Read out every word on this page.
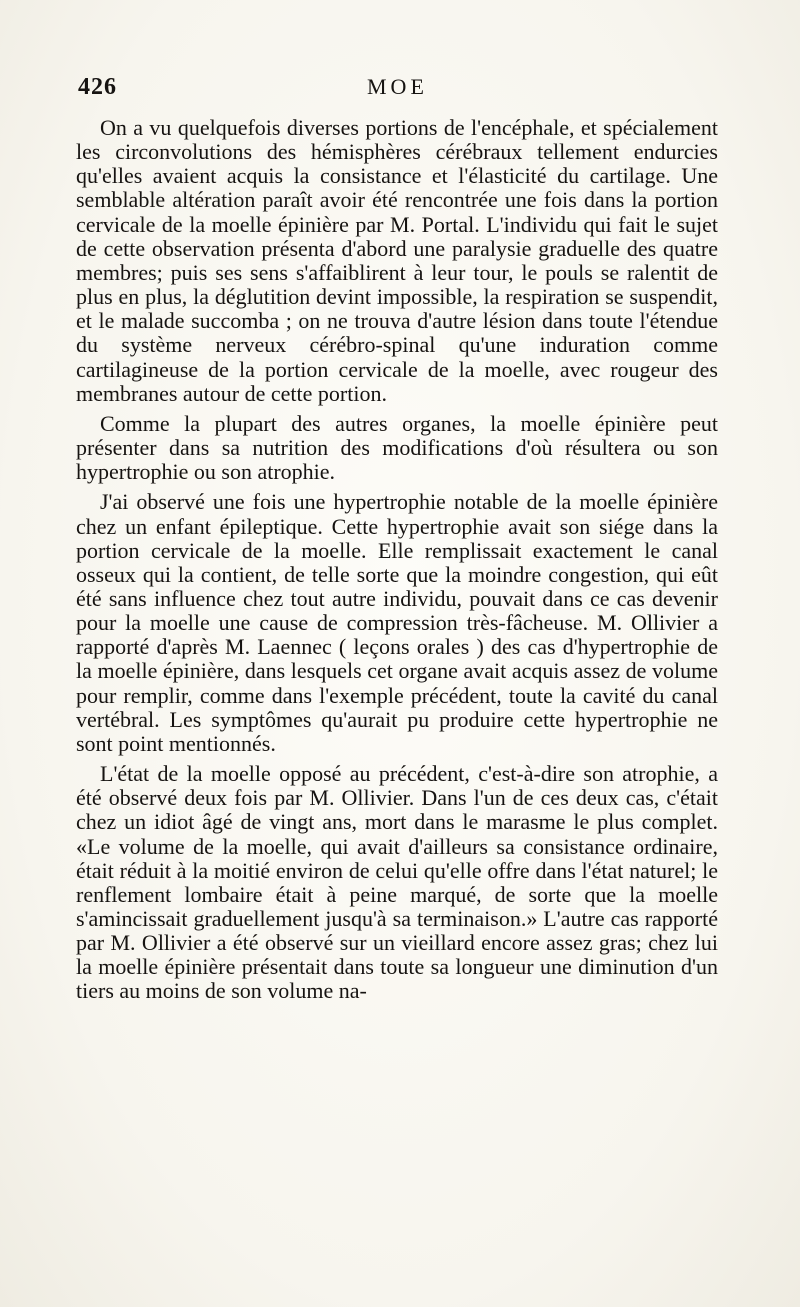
426	MOE

On a vu quelquefois diverses portions de l'encéphale, et spécialement les circonvolutions des hémisphères cérébraux tellement endurcies qu'elles avaient acquis la consistance et l'élasticité du cartilage. Une semblable altération paraît avoir été rencontrée une fois dans la portion cervicale de la moelle épinière par M. Portal. L'individu qui fait le sujet de cette observation présenta d'abord une paralysie graduelle des quatre membres; puis ses sens s'affaiblirent à leur tour, le pouls se ralentit de plus en plus, la déglutition devint impossible, la respiration se suspendit, et le malade succomba ; on ne trouva d'autre lésion dans toute l'étendue du système nerveux cérébro-spinal qu'une induration comme cartilagineuse de la portion cervicale de la moelle, avec rougeur des membranes autour de cette portion.

Comme la plupart des autres organes, la moelle épinière peut présenter dans sa nutrition des modifications d'où résultera ou son hypertrophie ou son atrophie.

J'ai observé une fois une hypertrophie notable de la moelle épinière chez un enfant épileptique. Cette hypertrophie avait son siége dans la portion cervicale de la moelle. Elle remplissait exactement le canal osseux qui la contient, de telle sorte que la moindre congestion, qui eût été sans influence chez tout autre individu, pouvait dans ce cas devenir pour la moelle une cause de compression très-fâcheuse. M. Ollivier a rapporté d'après M. Laennec ( leçons orales ) des cas d'hypertrophie de la moelle épinière, dans lesquels cet organe avait acquis assez de volume pour remplir, comme dans l'exemple précédent, toute la cavité du canal vertébral. Les symptômes qu'aurait pu produire cette hypertrophie ne sont point mentionnés.

L'état de la moelle opposé au précédent, c'est-à-dire son atrophie, a été observé deux fois par M. Ollivier. Dans l'un de ces deux cas, c'était chez un idiot âgé de vingt ans, mort dans le marasme le plus complet. «Le volume de la moelle, qui avait d'ailleurs sa consistance ordinaire, était réduit à la moitié environ de celui qu'elle offre dans l'état naturel; le renflement lombaire était à peine marqué, de sorte que la moelle s'amincissait graduellement jusqu'à sa terminaison.» L'autre cas rapporté par M. Ollivier a été observé sur un vieillard encore assez gras; chez lui la moelle épinière présentait dans toute sa longueur une diminution d'un tiers au moins de son volume na-
